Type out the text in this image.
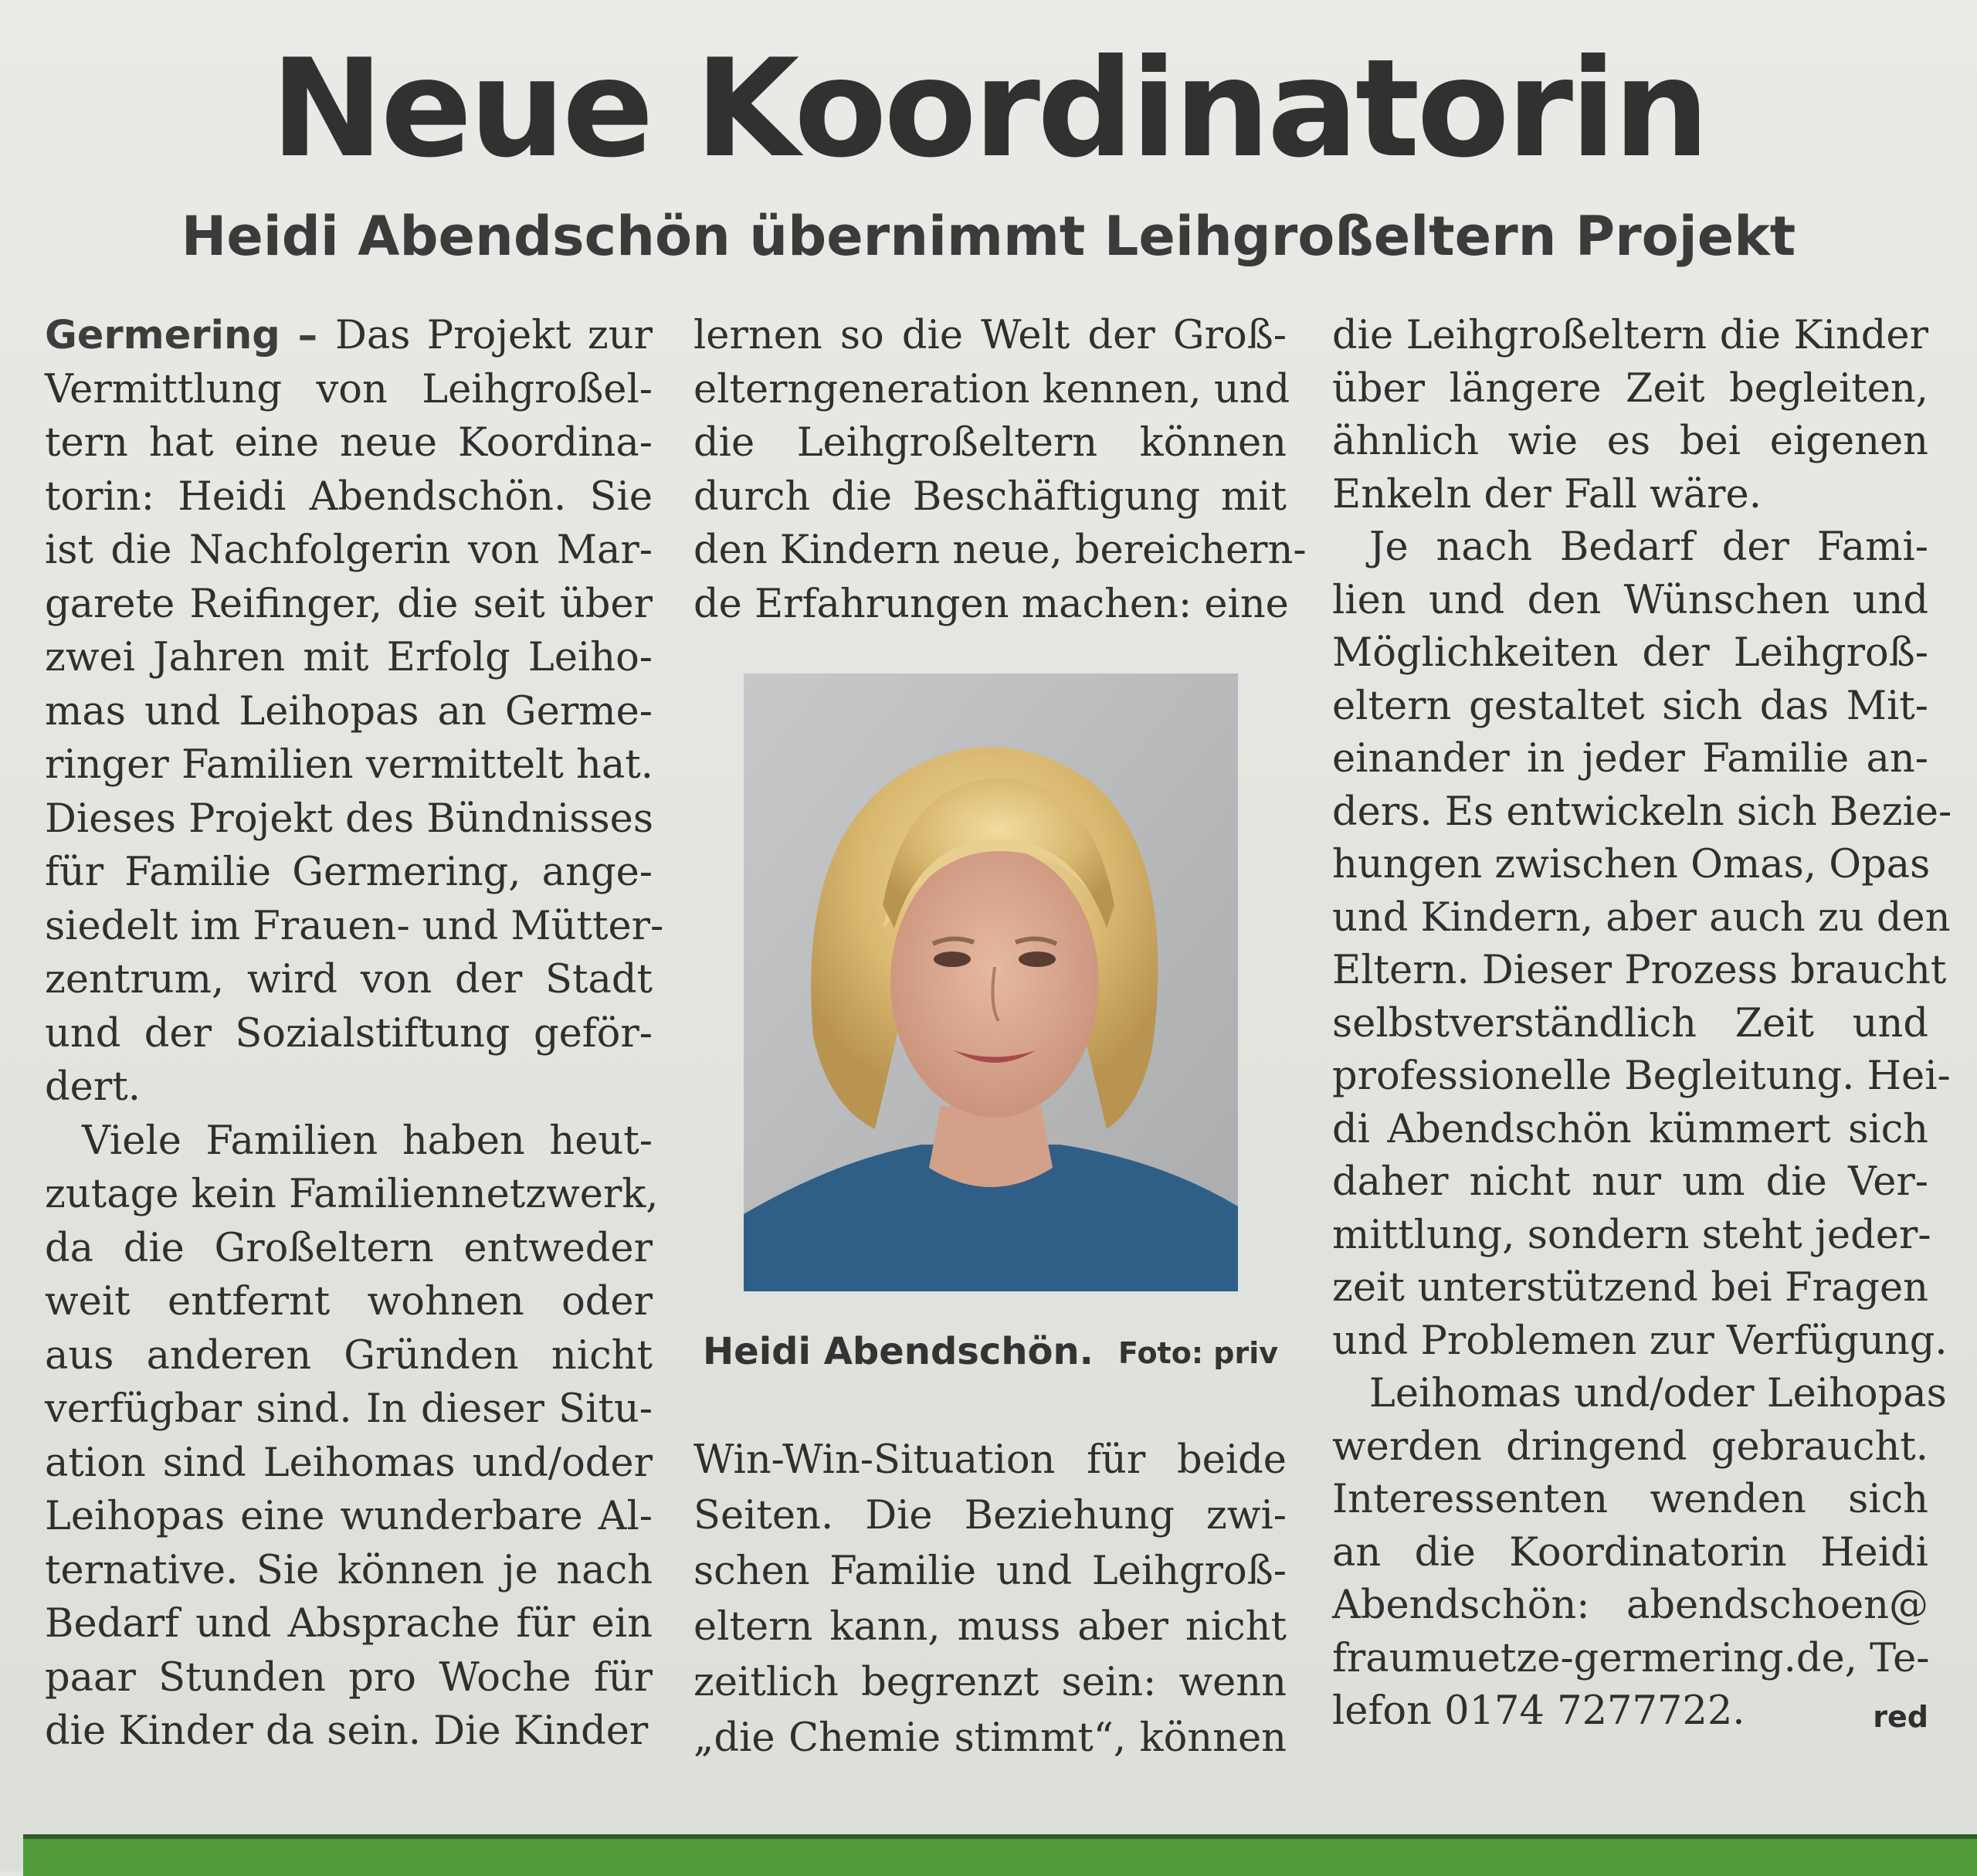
Neue Koordinatorin
Heidi Abendschön übernimmt Leihgroßeltern Projekt
Germering – Das Projekt zur
Vermittlung von Leihgroßel-
tern hat eine neue Koordina-
torin: Heidi Abendschön. Sie
ist die Nachfolgerin von Mar-
garete Reifinger, die seit über
zwei Jahren mit Erfolg Leiho-
mas und Leihopas an Germe-
ringer Familien vermittelt hat.
Dieses Projekt des Bündnisses
für Familie Germering, ange-
siedelt im Frauen- und Mütter-
zentrum, wird von der Stadt
und der Sozialstiftung geför-
dert.
Viele Familien haben heut-
zutage kein Familiennetzwerk,
da die Großeltern entweder
weit entfernt wohnen oder
aus anderen Gründen nicht
verfügbar sind. In dieser Situ-
ation sind Leihomas und/oder
Leihopas eine wunderbare Al-
ternative. Sie können je nach
Bedarf und Absprache für ein
paar Stunden pro Woche für
die Kinder da sein. Die Kinder
lernen so die Welt der Groß-
elterngeneration kennen, und
die Leihgroßeltern können
durch die Beschäftigung mit
den Kindern neue, bereichern-
de Erfahrungen machen: eine
die Leihgroßeltern die Kinder
über längere Zeit begleiten,
ähnlich wie es bei eigenen
Enkeln der Fall wäre.
Je nach Bedarf der Fami-
lien und den Wünschen und
Möglichkeiten der Leihgroß-
eltern gestaltet sich das Mit-
einander in jeder Familie an-
ders. Es entwickeln sich Bezie-
hungen zwischen Omas, Opas
und Kindern, aber auch zu den
Eltern. Dieser Prozess braucht
selbstverständlich Zeit und
professionelle Begleitung. Hei-
di Abendschön kümmert sich
daher nicht nur um die Ver-
mittlung, sondern steht jeder-
zeit unterstützend bei Fragen
und Problemen zur Verfügung.
Leihomas und/oder Leihopas
werden dringend gebraucht.
Interessenten wenden sich
an die Koordinatorin Heidi
Abendschön: abendschoen@
fraumuetze-germering.de, Te-
lefon 0174 7277722.	red
Win-Win-Situation für beide
Seiten. Die Beziehung zwi-
schen Familie und Leihgroß-
eltern kann, muss aber nicht
zeitlich begrenzt sein: wenn
„die Chemie stimmt“, können
Heidi Abendschön. Foto: priv
